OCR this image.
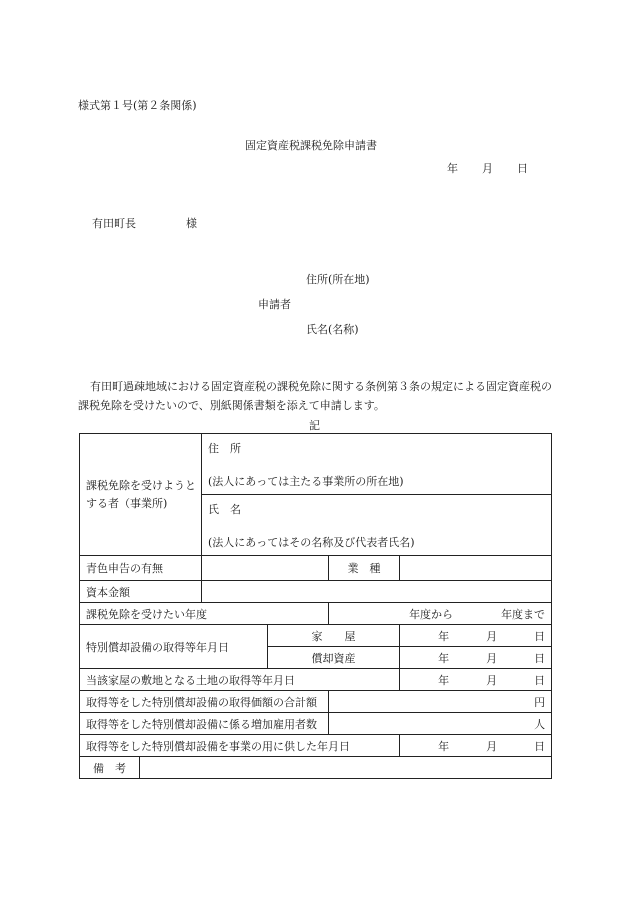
様式第１号(第２条関係)
固定資産税課税免除申請書
年 月 日
有田町長	様
住所(所在地)
申請者
氏名(名称)
有田町過疎地域における固定資産税の課税免除に関する条例第３条の規定による固定資産税の課税免除を受けたいので、別紙関係書類を添えて申請します。
記
課税免除を受けようとする者（事業所)		住　所
(法人にあっては主たる事業所の所在地)			

		氏　名
(法人にあってはその名称及び代表者氏名)			

青色申告の有無				業　種	
資本金額					
課税免除を受けたい年度				年度から 年度まで	

特別償却設備の取得等年月日			家　　屋		年 月 日

			償却資産		年 月 日

当該家屋の敷地となる土地の取得等年月日					年 月 日

取得等をした特別償却設備の取得価額の合計額				円	
取得等をした特別償却設備に係る増加雇用者数				人	
取得等をした特別償却設備を事業の用に供した年月日					年 月 日

備　考					
